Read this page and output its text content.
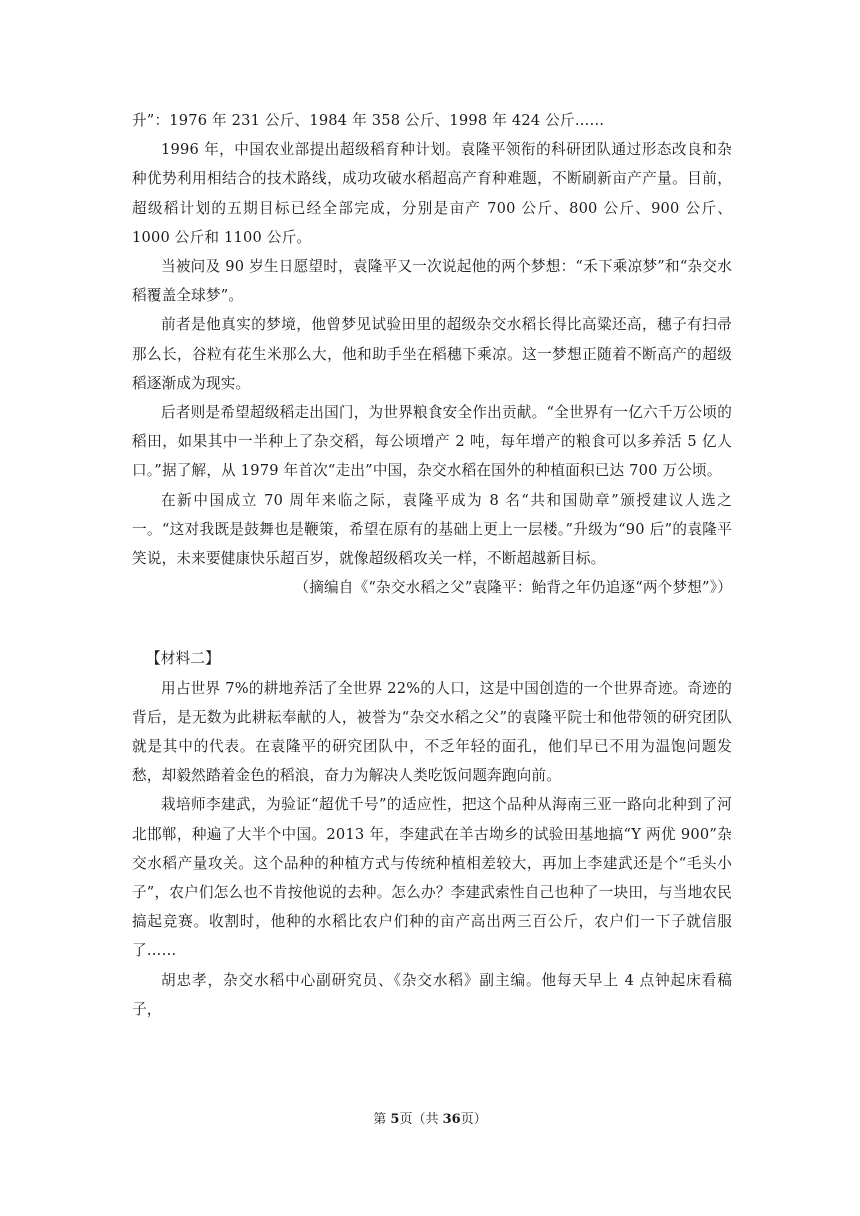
升”：1976 年 231 公斤、1984 年 358 公斤、1998 年 424 公斤……

1996 年，中国农业部提出超级稻育种计划。袁隆平领衔的科研团队通过形态改良和杂种优势利用相结合的技术路线，成功攻破水稻超高产育种难题，不断刷新亩产产量。目前，超级稻计划的五期目标已经全部完成，分别是亩产 700 公斤、800 公斤、900 公斤、1000 公斤和 1100 公斤。

当被问及 90 岁生日愿望时，袁隆平又一次说起他的两个梦想：“禾下乘凉梦”和“杂交水稻覆盖全球梦”。

前者是他真实的梦境，他曾梦见试验田里的超级杂交水稻长得比高粱还高，穗子有扫帚那么长，谷粒有花生米那么大，他和助手坐在稻穗下乘凉。这一梦想正随着不断高产的超级稻逐渐成为现实。

后者则是希望超级稻走出国门，为世界粮食安全作出贡献。“全世界有一亿六千万公顷的稻田，如果其中一半种上了杂交稻，每公顷增产 2 吨，每年增产的粮食可以多养活 5 亿人口。”据了解，从 1979 年首次“走出”中国，杂交水稻在国外的种植面积已达 700 万公顷。

在新中国成立 70 周年来临之际，袁隆平成为 8 名“共和国勋章”颁授建议人选之一。“这对我既是鼓舞也是鞭策，希望在原有的基础上更上一层楼。”升级为“90 后”的袁隆平笑说，未来要健康快乐超百岁，就像超级稻攻关一样，不断超越新目标。

（摘编自《“杂交水稻之父”袁隆平：鲐背之年仍追逐“两个梦想”》）

【材料二】

用占世界 7%的耕地养活了全世界 22%的人口，这是中国创造的一个世界奇迹。奇迹的背后，是无数为此耕耘奉献的人，被誉为“杂交水稻之父”的袁隆平院士和他带领的研究团队就是其中的代表。在袁隆平的研究团队中，不乏年轻的面孔，他们早已不用为温饱问题发愁，却毅然踏着金色的稻浪，奋力为解决人类吃饭问题奔跑向前。

栽培师李建武，为验证“超优千号”的适应性，把这个品种从海南三亚一路向北种到了河北邯郸，种遍了大半个中国。2013 年，李建武在羊古坳乡的试验田基地搞“Y 两优 900”杂交水稻产量攻关。这个品种的种植方式与传统种植相差较大，再加上李建武还是个“毛头小子”，农户们怎么也不肯按他说的去种。怎么办？李建武索性自己也种了一块田，与当地农民搞起竞赛。收割时，他种的水稻比农户们种的亩产高出两三百公斤，农户们一下子就信服了……

胡忠孝，杂交水稻中心副研究员、《杂交水稻》副主编。他每天早上 4 点钟起床看稿子，

第 5页（共 36页）
